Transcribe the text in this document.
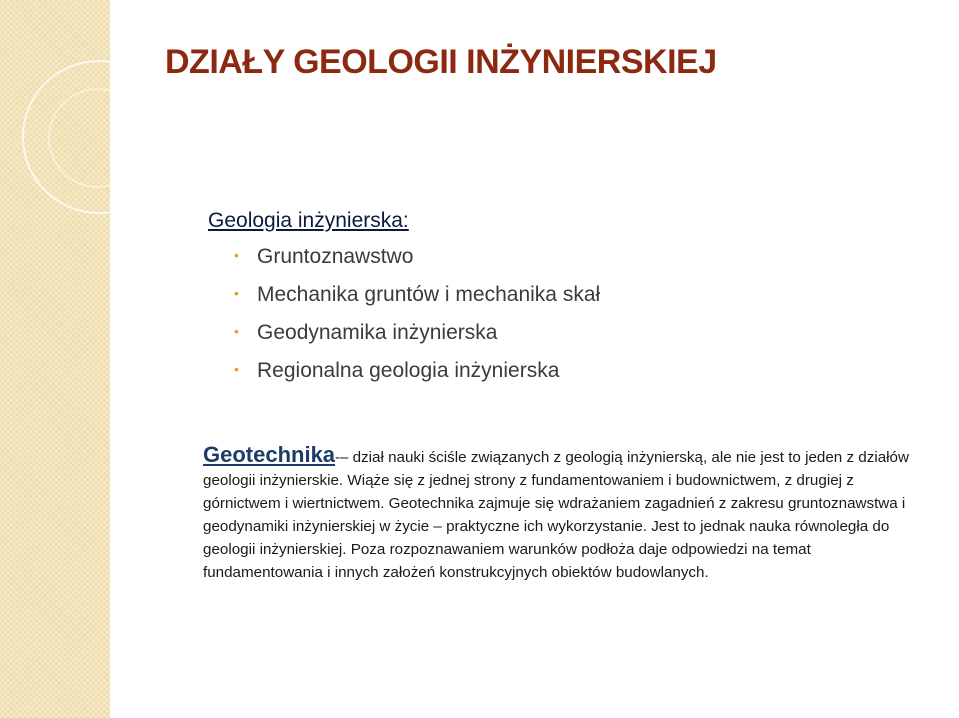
DZIAŁY GEOLOGII INŻYNIERSKIEJ
Geologia inżynierska:
• Gruntoznawstwo
• Mechanika gruntów i mechanika skał
• Geodynamika inżynierska
• Regionalna geologia inżynierska
Geotechnika-– dział nauki ściśle związanych z geologią inżynierską, ale nie jest to jeden z działów geologii inżynierskie. Wiąże się z jednej strony z fundamentowaniem i budownictwem, z drugiej z górnictwem i wiertnictwem. Geotechnika zajmuje się wdrażaniem zagadnień z zakresu gruntoznawstwa i geodynamiki inżynierskiej w życie – praktyczne ich wykorzystanie. Jest to jednak nauka równoległa do geologii inżynierskiej. Poza rozpoznawaniem warunków podłoża daje odpowiedzi na temat fundamentowania i innych założeń konstrukcyjnych obiektów budowlanych.
